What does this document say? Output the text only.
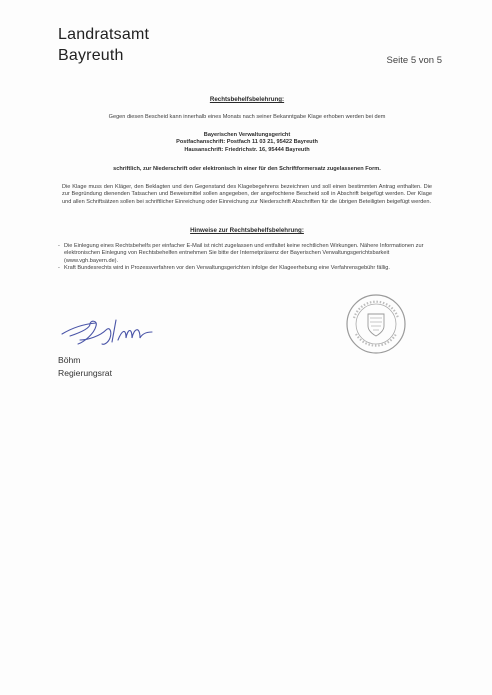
Landratsamt
Bayreuth	Seite 5 von 5
Rechtsbehelfsbelehrung:
Gegen diesen Bescheid kann innerhalb eines Monats nach seiner Bekanntgabe Klage erhoben werden bei dem
Bayerischen Verwaltungsgericht
Postfachanschrift: Postfach 11 03 21, 95422 Bayreuth
Hausanschrift: Friedrichstr. 16, 95444 Bayreuth
schriftlich, zur Niederschrift oder elektronisch in einer für den Schriftformersatz zugelassenen Form.
Die Klage muss den Kläger, den Beklagten und den Gegenstand des Klagebegehrens bezeichnen und soll einen bestimmten Antrag enthalten. Die zur Begründung dienenden Tatsachen und Beweismittel sollen angegeben, der angefochtene Bescheid soll in Abschrift beigefügt werden. Der Klage und allen Schriftsätzen sollen bei schriftlicher Einreichung oder Einreichung zur Niederschrift Abschriften für die übrigen Beteiligten beigefügt werden.
Hinweise zur Rechtsbehelfsbelehrung:
- Die Einlegung eines Rechtsbehelfs per einfacher E-Mail ist nicht zugelassen und entfaltet keine rechtlichen Wirkungen. Nähere Informationen zur elektronischen Einlegung von Rechtsbehelfen entnehmen Sie bitte der Internetpräsenz der Bayerischen Verwaltungsgerichtsbarkeit (www.vgh.bayern.de).
- Kraft Bundesrechts wird in Prozessverfahren vor den Verwaltungsgerichten infolge der Klageerhebung eine Verfahrensgebühr fällig.
Böhm
Regierungsrat
